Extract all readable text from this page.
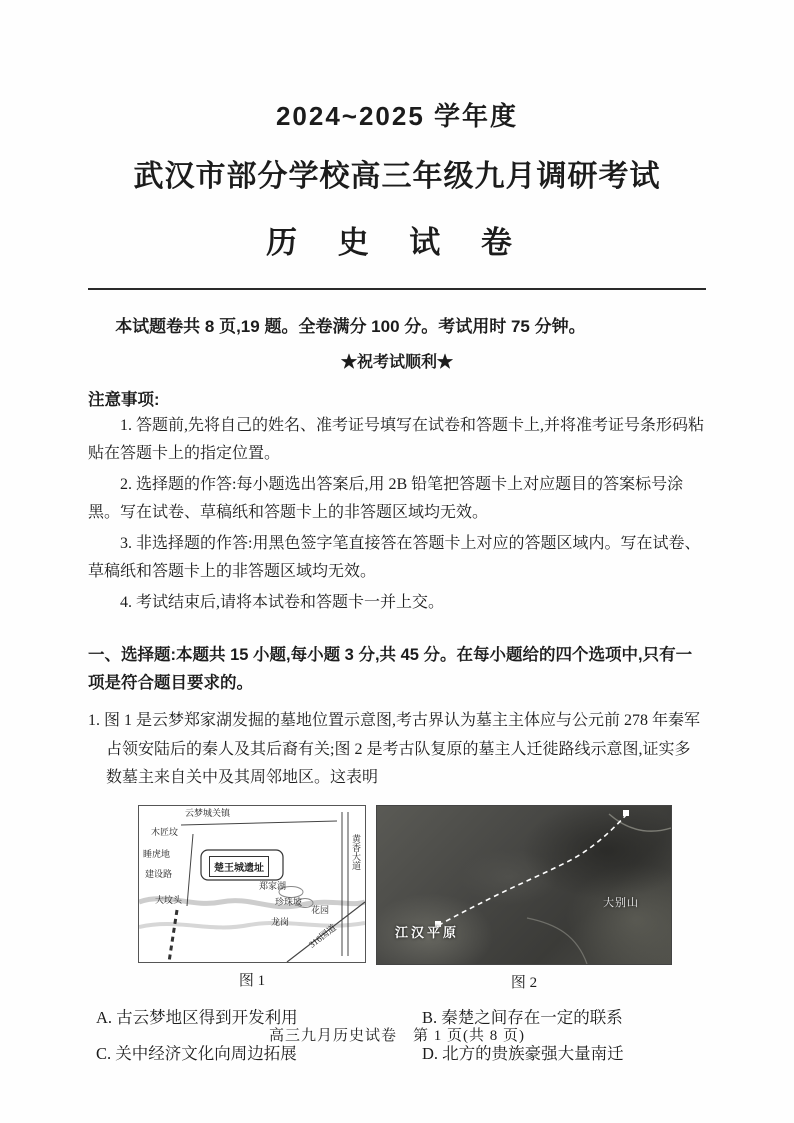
2024~2025 学年度
武汉市部分学校高三年级九月调研考试
历 史 试 卷
本试题卷共 8 页,19 题。全卷满分 100 分。考试用时 75 分钟。
★祝考试顺利★
注意事项:

1. 答题前,先将自己的姓名、准考证号填写在试卷和答题卡上,并将准考证号条形码粘贴在答题卡上的指定位置。

2. 选择题的作答:每小题选出答案后,用 2B 铅笔把答题卡上对应题目的答案标号涂黑。写在试卷、草稿纸和答题卡上的非答题区域均无效。

3. 非选择题的作答:用黑色签字笔直接答在答题卡上对应的答题区域内。写在试卷、草稿纸和答题卡上的非答题区域均无效。

4. 考试结束后,请将本试卷和答题卡一并上交。

一、选择题:本题共 15 小题,每小题 3 分,共 45 分。在每小题给的四个选项中,只有一项是符合题目要求的。
1. 图 1 是云梦郑家湖发掘的墓地位置示意图,考古界认为墓主主体应与公元前 278 年秦军占领安陆后的秦人及其后裔有关;图 2 是考古队复原的墓主人迁徙路线示意图,证实多数墓主来自关中及其周邻地区。这表明
云梦城关镇
木匠坟
睡虎地
建设路
大坟头
楚王城遗址
郑家湖
珍珠坡
龙岗
花园
黄香大道
316国道
图 1
江汉平原
大别山
图 2
A. 古云梦地区得到开发利用	B. 秦楚之间存在一定的联系
C. 关中经济文化向周边拓展	D. 北方的贵族豪强大量南迁
高三九月历史试卷　第 1 页(共 8 页)
